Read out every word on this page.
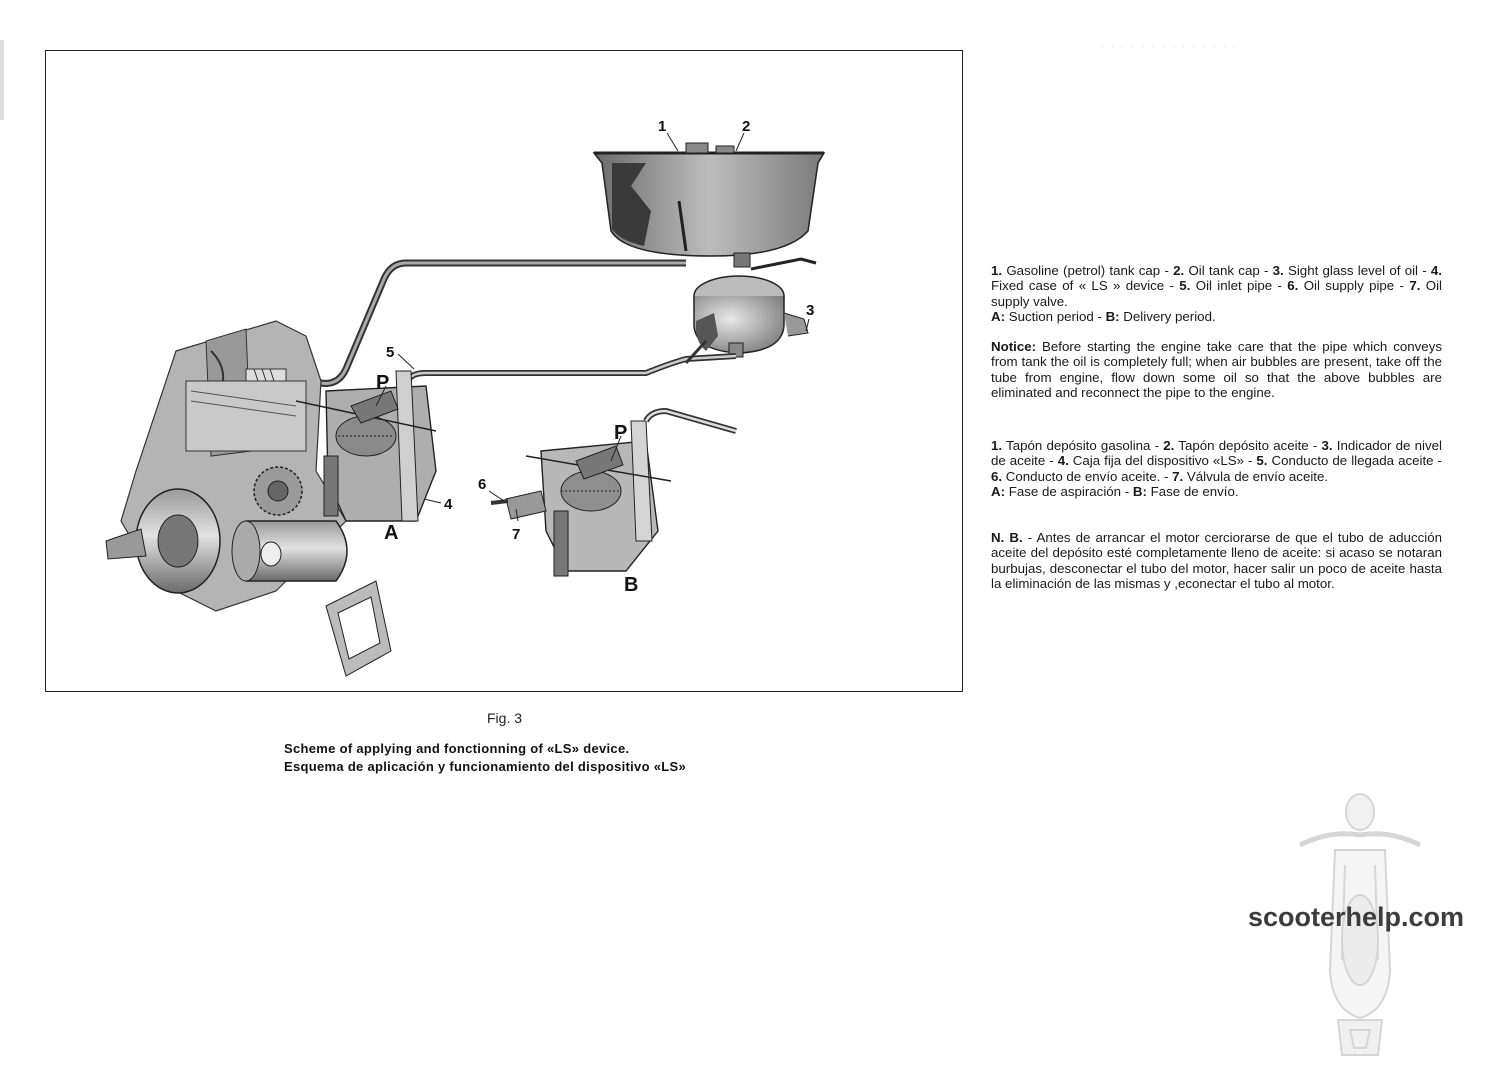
· · · · · · · · · · · · · ·
1	2
3
4
5
6
7
A
B
P
P
Fig. 3
Scheme of applying and fonctionning of «LS» device.
Esquema de aplicación y funcionamiento del dispositivo «LS»

1. Gasoline (petrol) tank cap - 2. Oil tank cap - 3. Sight glass level of oil - 4. Fixed case of « LS » device - 5. Oil inlet pipe - 6. Oil supply pipe - 7. Oil supply valve.
A: Suction period - B: Delivery period.

Notice: Before starting the engine take care that the pipe which conveys from tank the oil is completely full; when air bubbles are present, take off the tube from engine, flow down some oil so that the above bubbles are eliminated and reconnect the pipe to the engine.

1. Tapón depósito gasolina - 2. Tapón depósito aceite - 3. Indicador de nivel de aceite - 4. Caja fija del dispositivo «LS» - 5. Conducto de llegada aceite - 6. Conducto de envío aceite. - 7. Válvula de envío aceite.
A: Fase de aspiración - B: Fase de envío.

N. B. - Antes de arrancar el motor cerciorarse de que el tubo de aducción aceite del depósito esté completamente lleno de aceite: si acaso se notaran burbujas, desconectar el tubo del motor, hacer salir un poco de aceite hasta la eliminación de las mismas y ,econectar el tubo al motor.

scooterhelp.com
